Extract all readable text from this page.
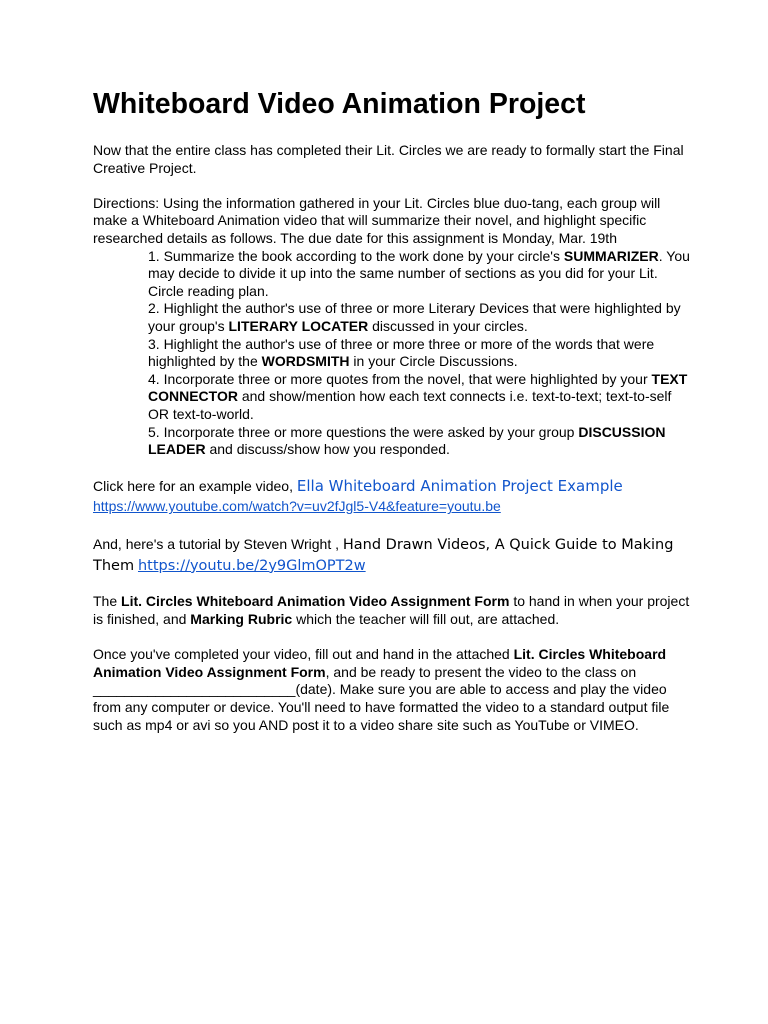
Whiteboard Video Animation Project

Now that the entire class has completed their Lit. Circles we are ready to formally start the Final Creative Project.

Directions: Using the information gathered in your Lit. Circles blue duo-tang, each group will make a Whiteboard Animation video that will summarize their novel, and highlight specific researched details as follows. The due date for this assignment is Monday, Mar. 19th

1. Summarize the book according to the work done by your circle's SUMMARIZER. You may decide to divide it up into the same number of sections as you did for your Lit. Circle reading plan.
2. Highlight the author's use of three or more Literary Devices that were highlighted by your group's LITERARY LOCATER discussed in your circles.
3. Highlight the author's use of three or more three or more of the words that were highlighted by the WORDSMITH in your Circle Discussions.
4. Incorporate three or more quotes from the novel, that were highlighted by your TEXT CONNECTOR and show/mention how each text connects i.e. text-to-text; text-to-self OR text-to-world.
5. Incorporate three or more questions the were asked by your group DISCUSSION LEADER and discuss/show how you responded.

Click here for an example video, Ella Whiteboard Animation Project Example
https://www.youtube.com/watch?v=uv2fJgl5-V4&feature=youtu.be

And, here's a tutorial by Steven Wright , Hand Drawn Videos, A Quick Guide to Making Them https://youtu.be/2y9GlmOPT2w

The Lit. Circles Whiteboard Animation Video Assignment Form to hand in when your project is finished, and Marking Rubric which the teacher will fill out, are attached.

Once you've completed your video, fill out and hand in the attached Lit. Circles Whiteboard Animation Video Assignment Form, and be ready to present the video to the class on __________________________(date). Make sure you are able to access and play the video from any computer or device. You'll need to have formatted the video to a standard output file such as mp4 or avi so you AND post it to a video share site such as YouTube or VIMEO.
